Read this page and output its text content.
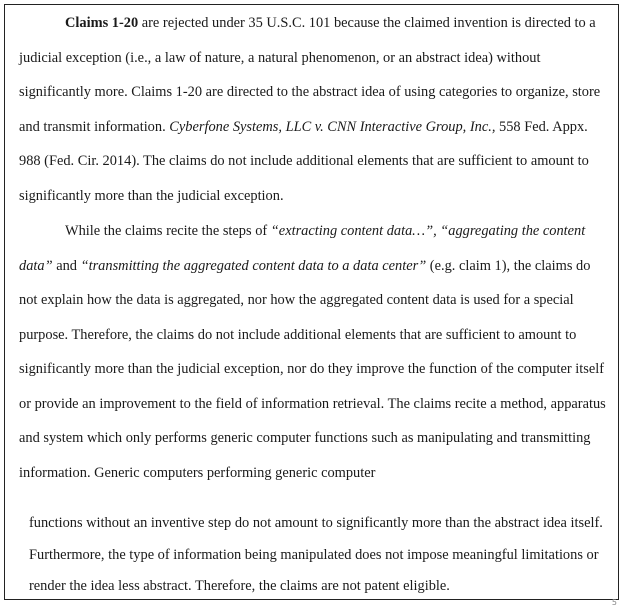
Claims 1-20 are rejected under 35 U.S.C. 101 because the claimed invention is directed to a judicial exception (i.e., a law of nature, a natural phenomenon, or an abstract idea) without significantly more. Claims 1-20 are directed to the abstract idea of using categories to organize, store and transmit information. Cyberfone Systems, LLC v. CNN Interactive Group, Inc., 558 Fed. Appx. 988 (Fed. Cir. 2014). The claims do not include additional elements that are sufficient to amount to significantly more than the judicial exception.

While the claims recite the steps of “extracting content data…”, “aggregating the content data” and “transmitting the aggregated content data to a data center” (e.g. claim 1), the claims do not explain how the data is aggregated, nor how the aggregated content data is used for a special purpose. Therefore, the claims do not include additional elements that are sufficient to amount to significantly more than the judicial exception, nor do they improve the function of the computer itself or provide an improvement to the field of information retrieval. The claims recite a method, apparatus and system which only performs generic computer functions such as manipulating and transmitting information. Generic computers performing generic computer

functions without an inventive step do not amount to significantly more than the abstract idea itself. Furthermore, the type of information being manipulated does not impose meaningful limitations or render the idea less abstract. Therefore, the claims are not patent eligible.

5
